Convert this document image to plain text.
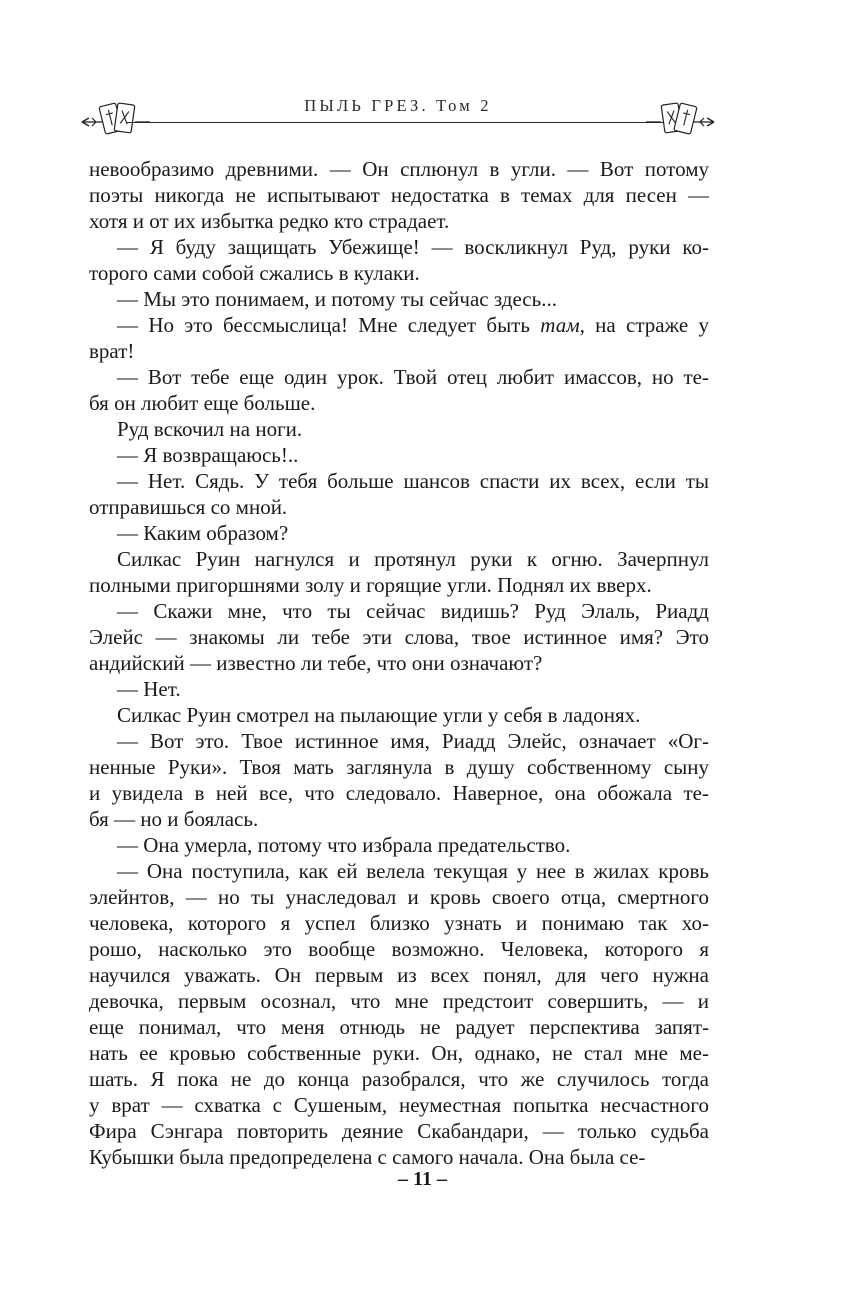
ПЫЛЬ ГРЕЗ. Том 2
невообразимо древними. — Он сплюнул в угли. — Вот потому
поэты никогда не испытывают недостатка в темах для песен —
хотя и от их избытка редко кто страдает.
— Я буду защищать Убежище! — воскликнул Руд, руки ко-
торого сами собой сжались в кулаки.
— Мы это понимаем, и потому ты сейчас здесь...
— Но это бессмыслица! Мне следует быть там, на страже у
врат!
— Вот тебе еще один урок. Твой отец любит имассов, но те-
бя он любит еще больше.
Руд вскочил на ноги.
— Я возвращаюсь!..
— Нет. Сядь. У тебя больше шансов спасти их всех, если ты
отправишься со мной.
— Каким образом?
Силкас Руин нагнулся и протянул руки к огню. Зачерпнул
полными пригоршнями золу и горящие угли. Поднял их вверх.
— Скажи мне, что ты сейчас видишь? Руд Элаль, Риадд
Элейс — знакомы ли тебе эти слова, твое истинное имя? Это
андийский — известно ли тебе, что они означают?
— Нет.
Силкас Руин смотрел на пылающие угли у себя в ладонях.
— Вот это. Твое истинное имя, Риадд Элейс, означает «Ог-
ненные Руки». Твоя мать заглянула в душу собственному сыну
и увидела в ней все, что следовало. Наверное, она обожала те-
бя — но и боялась.
— Она умерла, потому что избрала предательство.
— Она поступила, как ей велела текущая у нее в жилах кровь
элейнтов, — но ты унаследовал и кровь своего отца, смертного
человека, которого я успел близко узнать и понимаю так хо-
рошо, насколько это вообще возможно. Человека, которого я
научился уважать. Он первым из всех понял, для чего нужна
девочка, первым осознал, что мне предстоит совершить, — и
еще понимал, что меня отнюдь не радует перспектива запят-
нать ее кровью собственные руки. Он, однако, не стал мне ме-
шать. Я пока не до конца разобрался, что же случилось тогда
у врат — схватка с Сушеным, неуместная попытка несчастного
Фира Сэнгара повторить деяние Скабандари, — только судьба
Кубышки была предопределена с самого начала. Она была се-
– 11 –
